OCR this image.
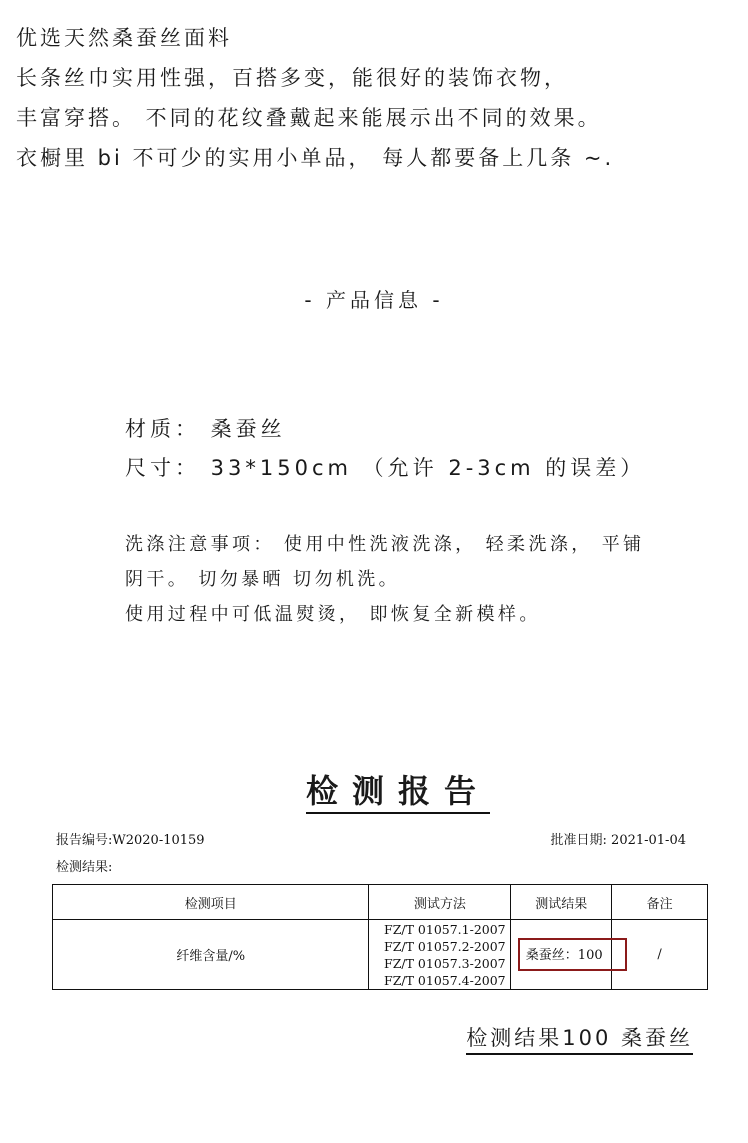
优选天然桑蚕丝面料
长条丝巾实用性强，百搭多变，能很好的装饰衣物，
丰富穿搭。 不同的花纹叠戴起来能展示出不同的效果。
衣橱里 bi 不可少的实用小单品， 每人都要备上几条 ~.
- 产品信息 -
材质： 桑蚕丝
尺寸： 33*150cm （允许 2-3cm 的误差）
洗涤注意事项： 使用中性洗液洗涤， 轻柔洗涤， 平铺
阴干。 切勿暴晒 切勿机洗。
使用过程中可低温熨烫， 即恢复全新模样。
检测报告
报告编号:W2020-10159	批准日期: 2021-01-04
检测结果:
检测项目	测试方法	测试结果	备注
纤维含量/%	FZ/T 01057.1-2007
FZ/T 01057.2-2007
FZ/T 01057.3-2007
FZ/T 01057.4-2007	桑蚕丝：100	/
检测结果100 桑蚕丝
